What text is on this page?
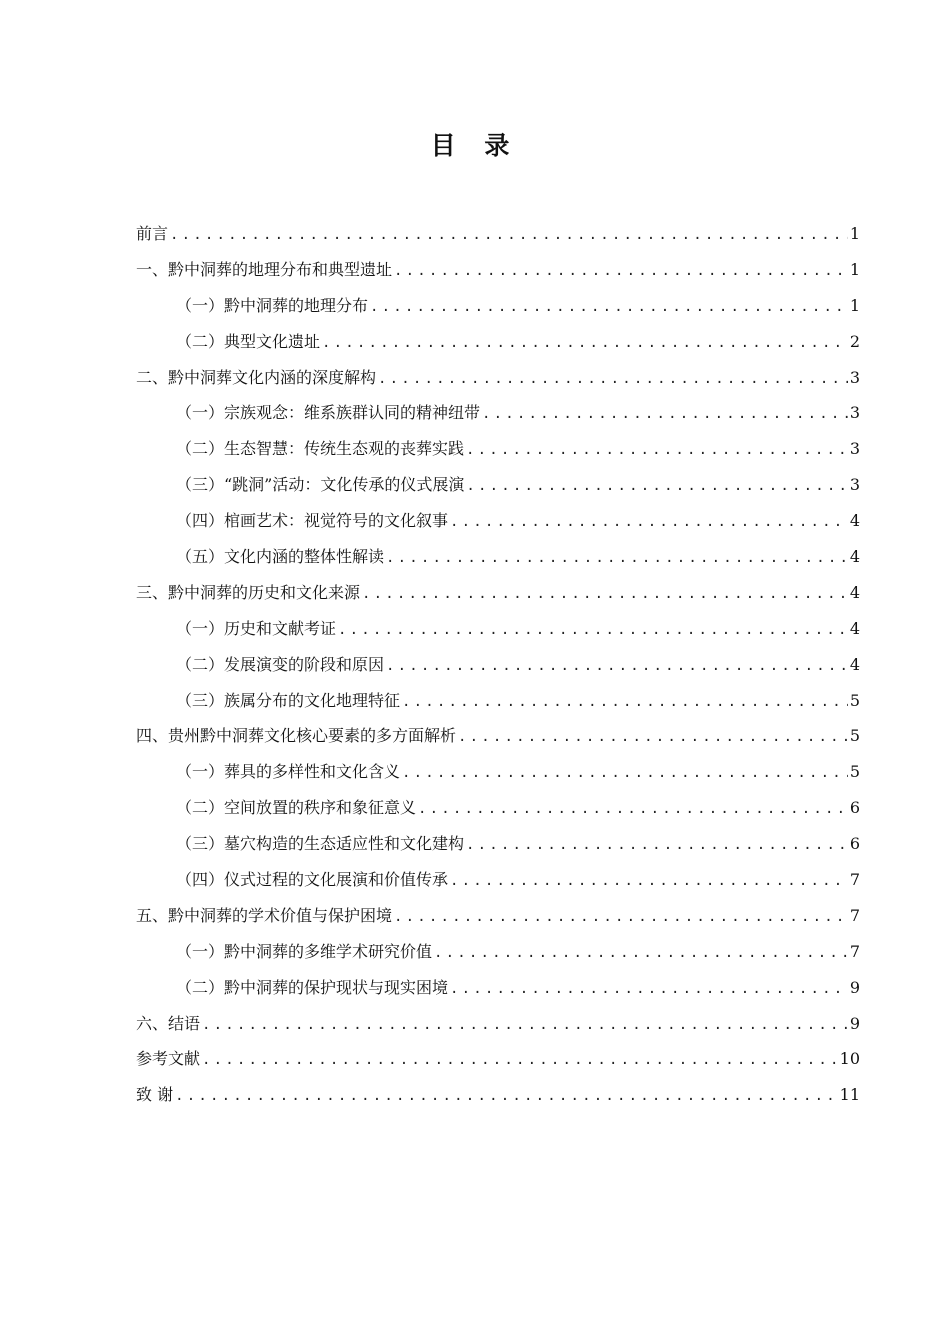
目 录
前言 .....	1
一、黔中洞葬的地理分布和典型遗址 .....	1
（一）黔中洞葬的地理分布 .....	1
（二）典型文化遗址 .....	2
二、黔中洞葬文化内涵的深度解构 .....	3
（一）宗族观念：维系族群认同的精神纽带 .....	3
（二）生态智慧：传统生态观的丧葬实践 .....	3
（三）“跳洞”活动：文化传承的仪式展演 .....	3
（四）棺画艺术：视觉符号的文化叙事 .....	4
（五）文化内涵的整体性解读 .....	4
三、黔中洞葬的历史和文化来源 .....	4
（一）历史和文献考证 .....	4
（二）发展演变的阶段和原因 .....	4
（三）族属分布的文化地理特征 .....	5
四、贵州黔中洞葬文化核心要素的多方面解析 .....	5
（一）葬具的多样性和文化含义 .....	5
（二）空间放置的秩序和象征意义 .....	6
（三）墓穴构造的生态适应性和文化建构 .....	6
（四）仪式过程的文化展演和价值传承 .....	7
五、黔中洞葬的学术价值与保护困境 .....	7
（一）黔中洞葬的多维学术研究价值 .....	7
（二）黔中洞葬的保护现状与现实困境 .....	9
六、结语 .....	9
参考文献 .....	10
致 谢 .....	11
